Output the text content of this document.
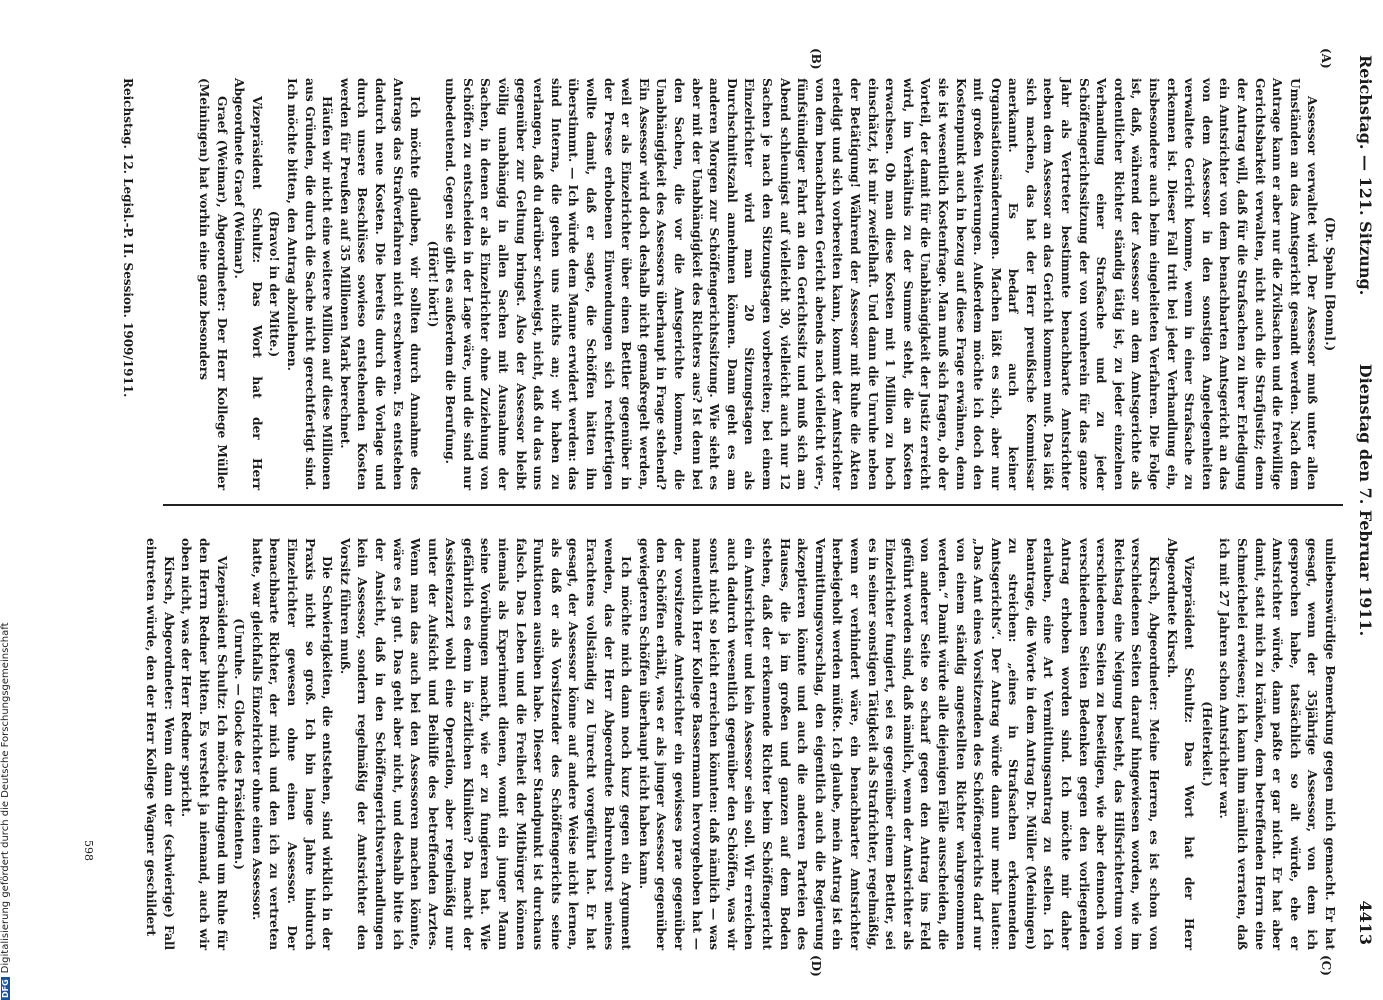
Reichstag. — 121. Sitzung.
Dienstag den 7. Februar 1911.
4413
(A)
(B)
(C)
(D)

(Dr. Spahn [Bonn].)

Assessor verwaltet wird. Der Assessor muß unter allen Umständen an das Amtsgericht gesandt werden. Nach dem Antrage kann er aber nur die Zivilsachen und die freiwillige Gerichtsbarkeit verwalten, nicht auch die Strafjustiz; denn der Antrag will, daß für die Strafsachen zu ihrer Erledigung ein Amtsrichter von dem benachbarten Amtsgericht an das von dem Assessor in den sonstigen Angelegenheiten verwaltete Gericht komme, wenn in einer Strafsache zu erkennen ist. Dieser Fall tritt bei jeder Verhandlung ein, insbesondere auch beim eingeleiteten Verfahren. Die Folge ist, daß, während der Assessor an dem Amtsgerichte als ordentlicher Richter ständig tätig ist, zu jeder einzelnen Verhandlung einer Strafsache und zu jeder Schöffengerichtssitzung der von vornherein für das ganze Jahr als Vertreter bestimmte benachbarte Amtsrichter neben dem Assessor an das Gericht kommen muß. Das läßt sich machen, das hat der Herr preußische Kommissar anerkannt. Es bedarf auch keiner Organisationsänderungen. Machen läßt es sich, aber nur mit großen Weiterungen. Außerdem möchte ich doch den Kostenpunkt auch in bezug auf diese Frage erwähnen, denn sie ist wesentlich Kostenfrage. Man muß sich fragen, ob der Vorteil, der damit für die Unabhängigkeit der Justiz erreicht wird, im Verhältnis zu der Summe steht, die an Kosten erwachsen. Ob man diese Kosten mit 1 Million zu hoch einschätzt, ist mir zweifelhaft. Und dann die Unruhe neben der Betätigung! Während der Assessor mit Ruhe die Akten erledigt und sich vorbereiten kann, kommt der Amtsrichter von dem benachbarten Gericht abends nach vielleicht vier-, fünfstündiger Fahrt an den Gerichtssitz und muß sich am Abend schleunigst auf vielleicht 30, vielleicht auch nur 12 Sachen je nach den Sitzungstagen vorbereiten; bei einem Einzelrichter wird man 20 Sitzungstagen als Durchschnittszahl annehmen können. Dann geht es am anderen Morgen zur Schöffengerichtssitzung. Wie sieht es aber mit der Unabhängigkeit des Richters aus? Ist denn bei den Sachen, die vor die Amtsgerichte kommen, die Unabhängigkeit des Assessors überhaupt in Frage stehend? Ein Assessor wird doch deshalb nicht gemaßregelt werden, weil er als Einzelrichter über einen Bettler gegenüber in der Presse erhobenen Einwendungen sich rechtfertigen wollte damit, daß er sagte, die Schöffen hätten ihn überstimmt. — Ich würde dem Manne erwidert werden: das sind Interna, die gehen uns nichts an; wir haben zu verlangen, daß du darüber schweigst, nicht, daß du das uns gegenüber zur Geltung bringst. Also der Assessor bleibt völlig unabhängig in allen Sachen mit Ausnahme der Sachen, in denen er als Einzelrichter ohne Zuziehung von Schöffen zu entscheiden in der Lage wäre, und die sind nur unbedeutend. Gegen sie gibt es außerdem die Berufung.

(Hört! hört!)

Ich möchte glauben, wir sollten durch Annahme des Antrags das Strafverfahren nicht erschweren. Es entstehen dadurch neue Kosten. Die bereits durch die Vorlage und durch unsere Beschlüsse sowieso entstehenden Kosten werden für Preußen auf 35 Millionen Mark berechnet.

Häufen wir nicht eine weitere Million auf diese Millionen aus Gründen, die durch die Sache nicht gerechtfertigt sind. Ich möchte bitten, den Antrag abzulehnen.

(Bravo! in der Mitte.)

Vizepräsident Schultz: Das Wort hat der Herr Abgeordnete Graef (Weimar).

Graef (Weimar), Abgeordneter: Der Herr Kollege Müller (Meiningen) hat vorhin eine ganz besonders

unliebenswürdige Bemerkung gegen mich gemacht. Er hat gesagt, wenn der 35jährige Assessor, von dem ich gesprochen habe, tatsächlich so alt würde, ehe er Amtsrichter würde, dann paßte er gar nicht. Er hat aber damit, statt mich zu kränken, dem betreffenden Herrn eine Schmeichelei erwiesen; ich kann ihm nämlich verraten, daß ich mit 27 Jahren schon Amtsrichter war.

(Heiterkeit.)

Vizepräsident Schultz: Das Wort hat der Herr Abgeordnete Kirsch.

Kirsch, Abgeordneter: Meine Herren, es ist schon von verschiedenen Seiten darauf hingewiesen worden, wie im Reichstag eine Neigung besteht, das Hilfsrichtertum von verschiedenen Seiten zu beseitigen, wie aber dennoch von verschiedenen Seiten Bedenken gegen den vorliegenden Antrag erhoben worden sind. Ich möchte mir daher erlauben, eine Art Vermittlungsantrag zu stellen. Ich beantrage, die Worte in dem Antrag Dr. Müller (Meiningen) zu streichen: „eines in Strafsachen erkennenden Amtsgerichts“. Der Antrag würde dann nur mehr lauten: „Das Amt eines Vorsitzenden des Schöffengerichts darf nur von einem ständig angestellten Richter wahrgenommen werden.“ Damit würde alle diejenigen Fälle ausscheiden, die von anderer Seite so scharf gegen den Antrag ins Feld geführt worden sind, daß nämlich, wenn der Amtsrichter als Einzelrichter fungiert, sei es gegenüber einem Bettler, sei es in seiner sonstigen Tätigkeit als Strafrichter, regelmäßig, wenn er verhindert wäre, ein benachbarter Amtsrichter herbeigeholt werden müßte. Ich glaube, mein Antrag ist ein Vermittlungsvorschlag, den eigentlich auch die Regierung akzeptieren könnte und auch die anderen Parteien des Hauses, die ja im großen und ganzen auf dem Boden stehen, daß der erkennende Richter beim Schöffengericht ein Amtsrichter und kein Assessor sein soll. Wir erreichen auch dadurch wesentlich gegenüber den Schöffen, was wir sonst nicht so leicht erreichen könnten: daß nämlich — was namentlich Herr Kollege Bassermann hervorgehoben hat — der vorsitzende Amtsrichter ein gewisses prae gegenüber den Schöffen erhält, was er als junger Assessor gegenüber gewiegteren Schöffen überhaupt nicht haben kann.

Ich möchte mich dann noch kurz gegen ein Argument wenden, das der Herr Abgeordnete Bahrenhorst meines Erachtens vollständig zu Unrecht vorgeführt hat. Er hat gesagt, der Assessor könne auf andere Weise nicht lernen, als daß er als Vorsitzender des Schöffengerichts seine Funktionen ausüben habe. Dieser Standpunkt ist durchaus falsch. Das Leben und die Freiheit der Mitbürger können niemals als Experiment dienen, womit ein junger Mann seine Vorübungen macht, wie er zu fungieren hat. Wie gefährlich es denn in ärztlichen Kliniken? Da macht der Assistenzarzt wohl eine Operation, aber regelmäßig nur unter der Aufsicht und Beihilfe des betreffenden Arztes. Wenn man das auch bei den Assessoren machen könnte, wäre es ja gut. Das geht aber nicht, und deshalb bitte ich der Ansicht, daß in den Schöffengerichtsverhandlungen kein Assessor, sondern regelmäßig der Amtsrichter den Vorsitz führen muß.

Die Schwierigkeiten, die entstehen, sind wirklich in der Praxis nicht so groß. Ich bin lange Jahre hindurch Einzelrichter gewesen ohne einen Assessor. Der benachbarte Richter, der mich und den ich zu vertreten hatte, war gleichfalls Einzelrichter ohne einen Assessor.

(Unruhe. — Glocke des Präsidenten.)

Vizepräsident Schultz: Ich möchte dringend um Ruhe für den Herrn Redner bitten. Es versteht ja niemand, auch wir oben nicht, was der Herr Redner spricht.

Kirsch, Abgeordneter: Wenn dann der (schwierige) Fall eintreten würde, den der Herr Kollege Wagner geschildert

Reichstag. 12. Legisl.-P. II. Session. 1909/1911.
598
DFGDigitalisierung gefördert durch die Deutsche Forschungsgemeinschaft
